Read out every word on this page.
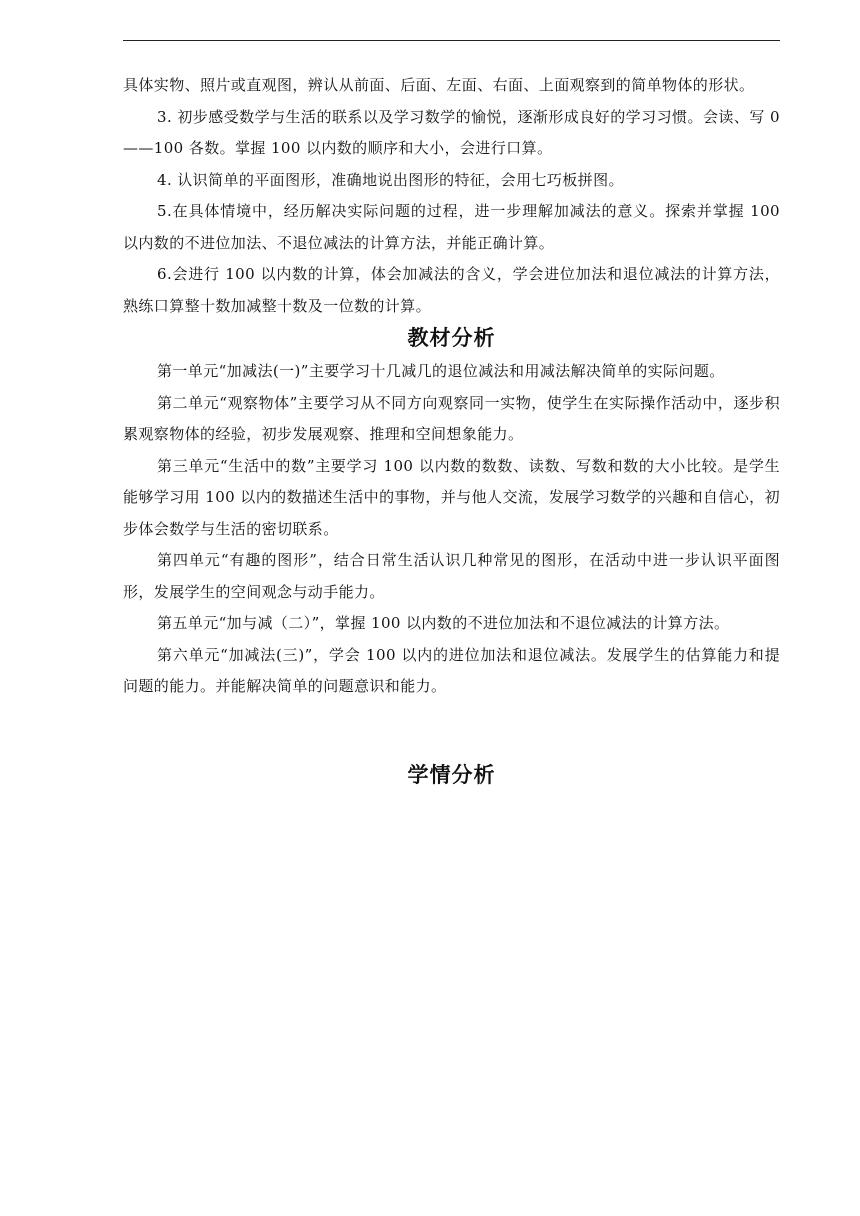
具体实物、照片或直观图，辨认从前面、后面、左面、右面、上面观察到的简单物体的形状。

3. 初步感受数学与生活的联系以及学习数学的愉悦，逐渐形成良好的学习习惯。会读、写 0——100 各数。掌握 100 以内数的顺序和大小，会进行口算。

4. 认识简单的平面图形，准确地说出图形的特征，会用七巧板拼图。

5.在具体情境中，经历解决实际问题的过程，进一步理解加减法的意义。探索并掌握 100 以内数的不进位加法、不退位减法的计算方法，并能正确计算。

6.会进行 100 以内数的计算，体会加减法的含义，学会进位加法和退位减法的计算方法，熟练口算整十数加减整十数及一位数的计算。

教材分析

第一单元“加减法(一)”主要学习十几减几的退位减法和用减法解决简单的实际问题。

第二单元“观察物体”主要学习从不同方向观察同一实物，使学生在实际操作活动中，逐步积累观察物体的经验，初步发展观察、推理和空间想象能力。

第三单元“生活中的数”主要学习 100 以内数的数数、读数、写数和数的大小比较。是学生能够学习用 100 以内的数描述生活中的事物，并与他人交流，发展学习数学的兴趣和自信心，初步体会数学与生活的密切联系。

第四单元“有趣的图形”，结合日常生活认识几种常见的图形，在活动中进一步认识平面图形，发展学生的空间观念与动手能力。

第五单元“加与减（二）”，掌握 100 以内数的不进位加法和不退位减法的计算方法。

第六单元“加减法(三)”，学会 100 以内的进位加法和退位减法。发展学生的估算能力和提问题的能力。并能解决简单的问题意识和能力。

学情分析
